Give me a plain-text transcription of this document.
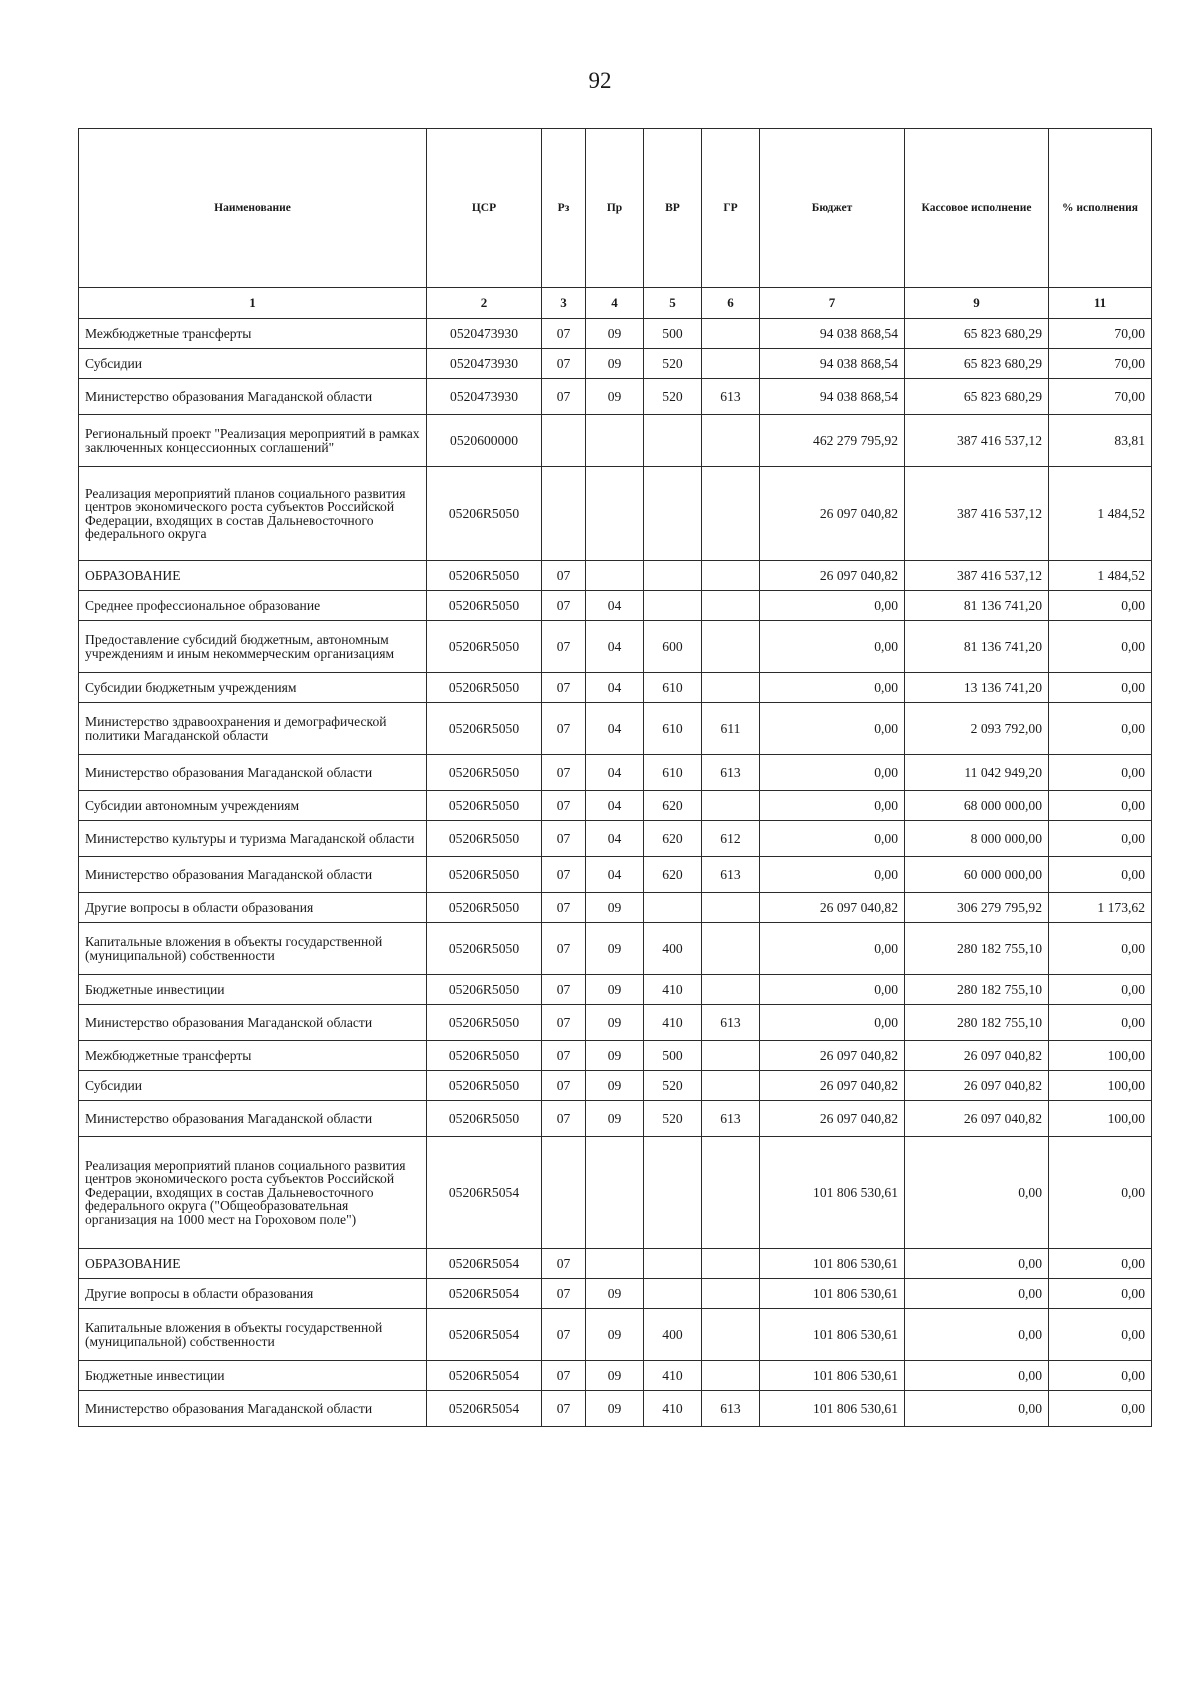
92
Наименование	ЦСР	Рз	Пр	ВР	ГР	Бюджет	Кассовое исполнение	% исполнения
1	2	3	4	5	6	7	9	11
Межбюджетные трансферты	0520473930	07	09	500		94 038 868,54	65 823 680,29	70,00
Субсидии	0520473930	07	09	520		94 038 868,54	65 823 680,29	70,00
Министерство образования Магаданской области	0520473930	07	09	520	613	94 038 868,54	65 823 680,29	70,00
Региональный проект "Реализация мероприятий в рамках заключенных концессионных соглашений"	0520600000					462 279 795,92	387 416 537,12	83,81
Реализация мероприятий планов социального развития центров экономического роста субъектов Российской Федерации, входящих в состав Дальневосточного федерального округа	05206R5050					26 097 040,82	387 416 537,12	1 484,52
ОБРАЗОВАНИЕ	05206R5050	07				26 097 040,82	387 416 537,12	1 484,52
Среднее профессиональное образование	05206R5050	07	04			0,00	81 136 741,20	0,00
Предоставление субсидий бюджетным, автономным учреждениям и иным некоммерческим организациям	05206R5050	07	04	600		0,00	81 136 741,20	0,00
Субсидии бюджетным учреждениям	05206R5050	07	04	610		0,00	13 136 741,20	0,00
Министерство здравоохранения и демографической политики Магаданской области	05206R5050	07	04	610	611	0,00	2 093 792,00	0,00
Министерство образования Магаданской области	05206R5050	07	04	610	613	0,00	11 042 949,20	0,00
Субсидии автономным учреждениям	05206R5050	07	04	620		0,00	68 000 000,00	0,00
Министерство культуры и туризма Магаданской области	05206R5050	07	04	620	612	0,00	8 000 000,00	0,00
Министерство образования Магаданской области	05206R5050	07	04	620	613	0,00	60 000 000,00	0,00
Другие вопросы в области образования	05206R5050	07	09			26 097 040,82	306 279 795,92	1 173,62
Капитальные вложения в объекты государственной (муниципальной) собственности	05206R5050	07	09	400		0,00	280 182 755,10	0,00
Бюджетные инвестиции	05206R5050	07	09	410		0,00	280 182 755,10	0,00
Министерство образования Магаданской области	05206R5050	07	09	410	613	0,00	280 182 755,10	0,00
Межбюджетные трансферты	05206R5050	07	09	500		26 097 040,82	26 097 040,82	100,00
Субсидии	05206R5050	07	09	520		26 097 040,82	26 097 040,82	100,00
Министерство образования Магаданской области	05206R5050	07	09	520	613	26 097 040,82	26 097 040,82	100,00
Реализация мероприятий планов социального развития центров экономического роста субъектов Российской Федерации, входящих в состав Дальневосточного федерального округа ("Общеобразовательная организация на 1000 мест на Гороховом поле")	05206R5054					101 806 530,61	0,00	0,00
ОБРАЗОВАНИЕ	05206R5054	07				101 806 530,61	0,00	0,00
Другие вопросы в области образования	05206R5054	07	09			101 806 530,61	0,00	0,00
Капитальные вложения в объекты государственной (муниципальной) собственности	05206R5054	07	09	400		101 806 530,61	0,00	0,00
Бюджетные инвестиции	05206R5054	07	09	410		101 806 530,61	0,00	0,00
Министерство образования Магаданской области	05206R5054	07	09	410	613	101 806 530,61	0,00	0,00
